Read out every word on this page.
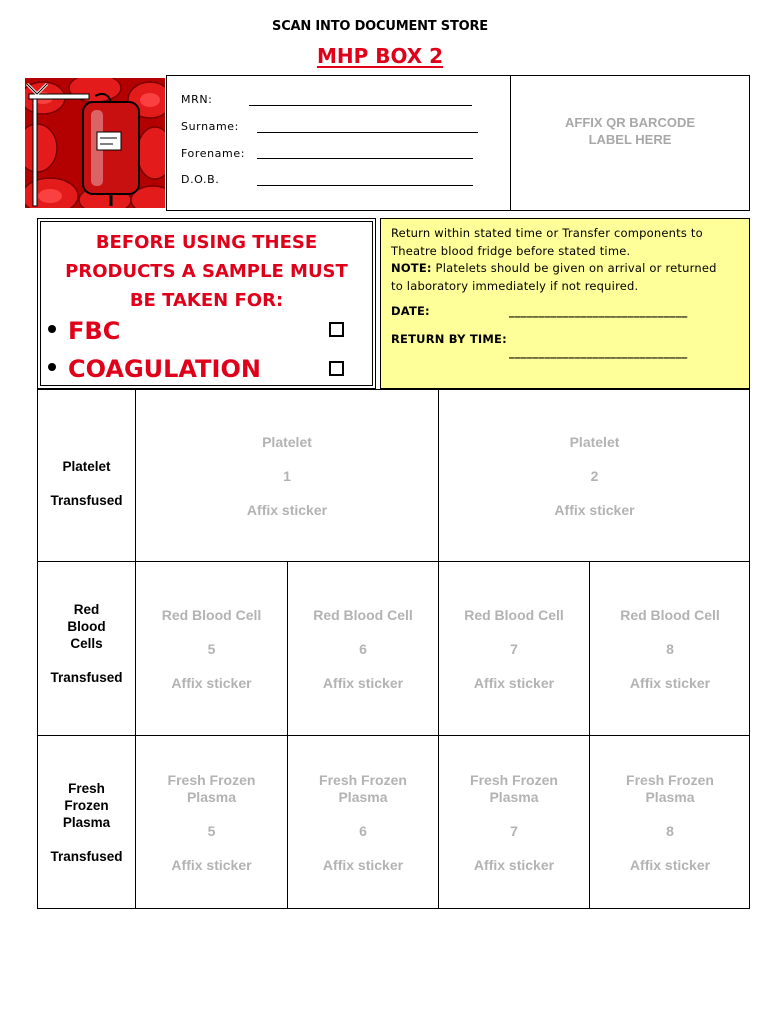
SCAN INTO DOCUMENT STORE
MHP BOX 2
MRN:
Surname:
Forename:
D.O.B.
AFFIX QR BARCODE
LABEL HERE
BEFORE USING THESE
PRODUCTS A SAMPLE MUST
BE TAKEN FOR:
FBC
COAGULATION
Return within stated time or Transfer components to
Theatre blood fridge before stated time.
NOTE: Platelets should be given on arrival or returned
to laboratory immediately if not required.
DATE:	______________________________
RETURN BY TIME:
______________________________
Platelet
Transfused
Platelet
1
Affix sticker
Platelet
2
Affix sticker
Red
Blood
Cells
Transfused
Red Blood Cell
5
Affix sticker
Red Blood Cell
6
Affix sticker
Red Blood Cell
7
Affix sticker
Red Blood Cell
8
Affix sticker
Fresh
Frozen
Plasma
Transfused
Fresh Frozen
Plasma
5
Affix sticker
Fresh Frozen
Plasma
6
Affix sticker
Fresh Frozen
Plasma
7
Affix sticker
Fresh Frozen
Plasma
8
Affix sticker
